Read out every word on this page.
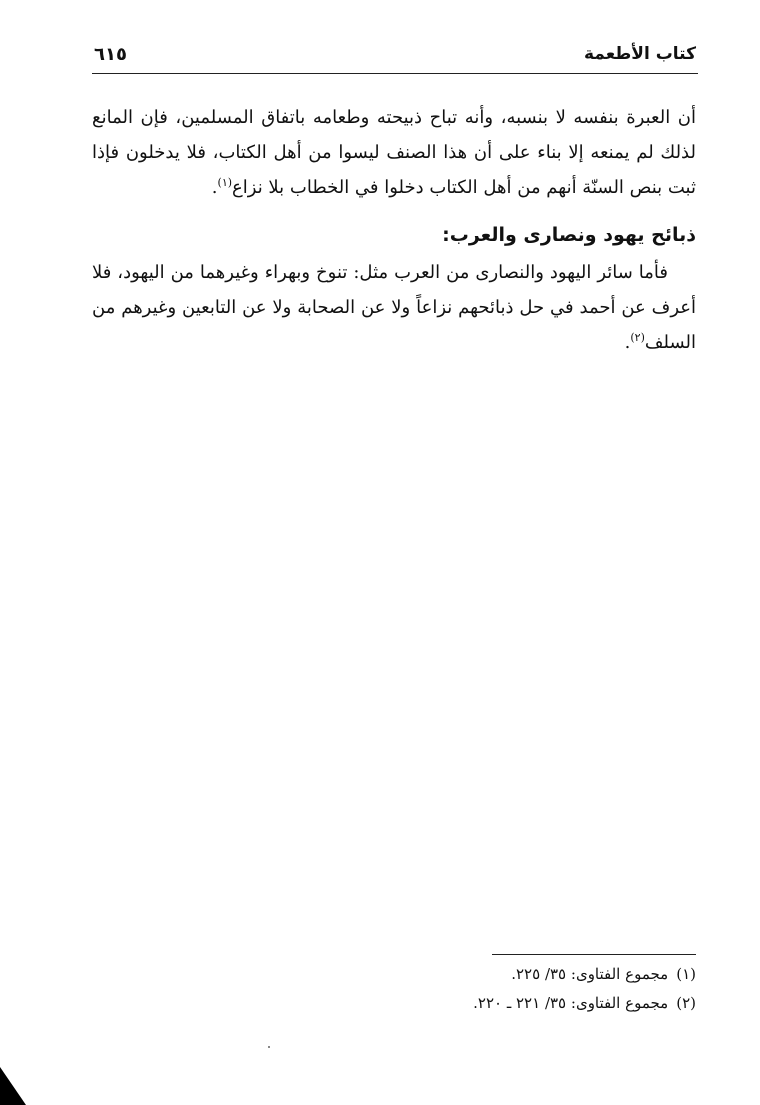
كتاب الأطعمة
٦١٥

أن العبرة بنفسه لا بنسبه، وأنه تباح ذبيحته وطعامه باتفاق المسلمين، فإن المانع لذلك لم يمنعه إلا بناء على أن هذا الصنف ليسوا من أهل الكتاب، فلا يدخلون فإذا ثبت بنص السنّة أنهم من أهل الكتاب دخلوا في الخطاب بلا نزاع$^{(١)}$.

ذبائح يهود ونصارى والعرب:

فأما سائر اليهود والنصارى من العرب مثل: تنوخ وبهراء وغيرهما من اليهود، فلا أعرف عن أحمد في حل ذبائحهم نزاعاً ولا عن الصحابة ولا عن التابعين وغيرهم من السلف$^{(٢)}$.

(١)مجموع الفتاوى: ٣٥/ ٢٢٥.

(٢)مجموع الفتاوى: ٣٥/ ٢٢١ ـ ٢٢٠.
